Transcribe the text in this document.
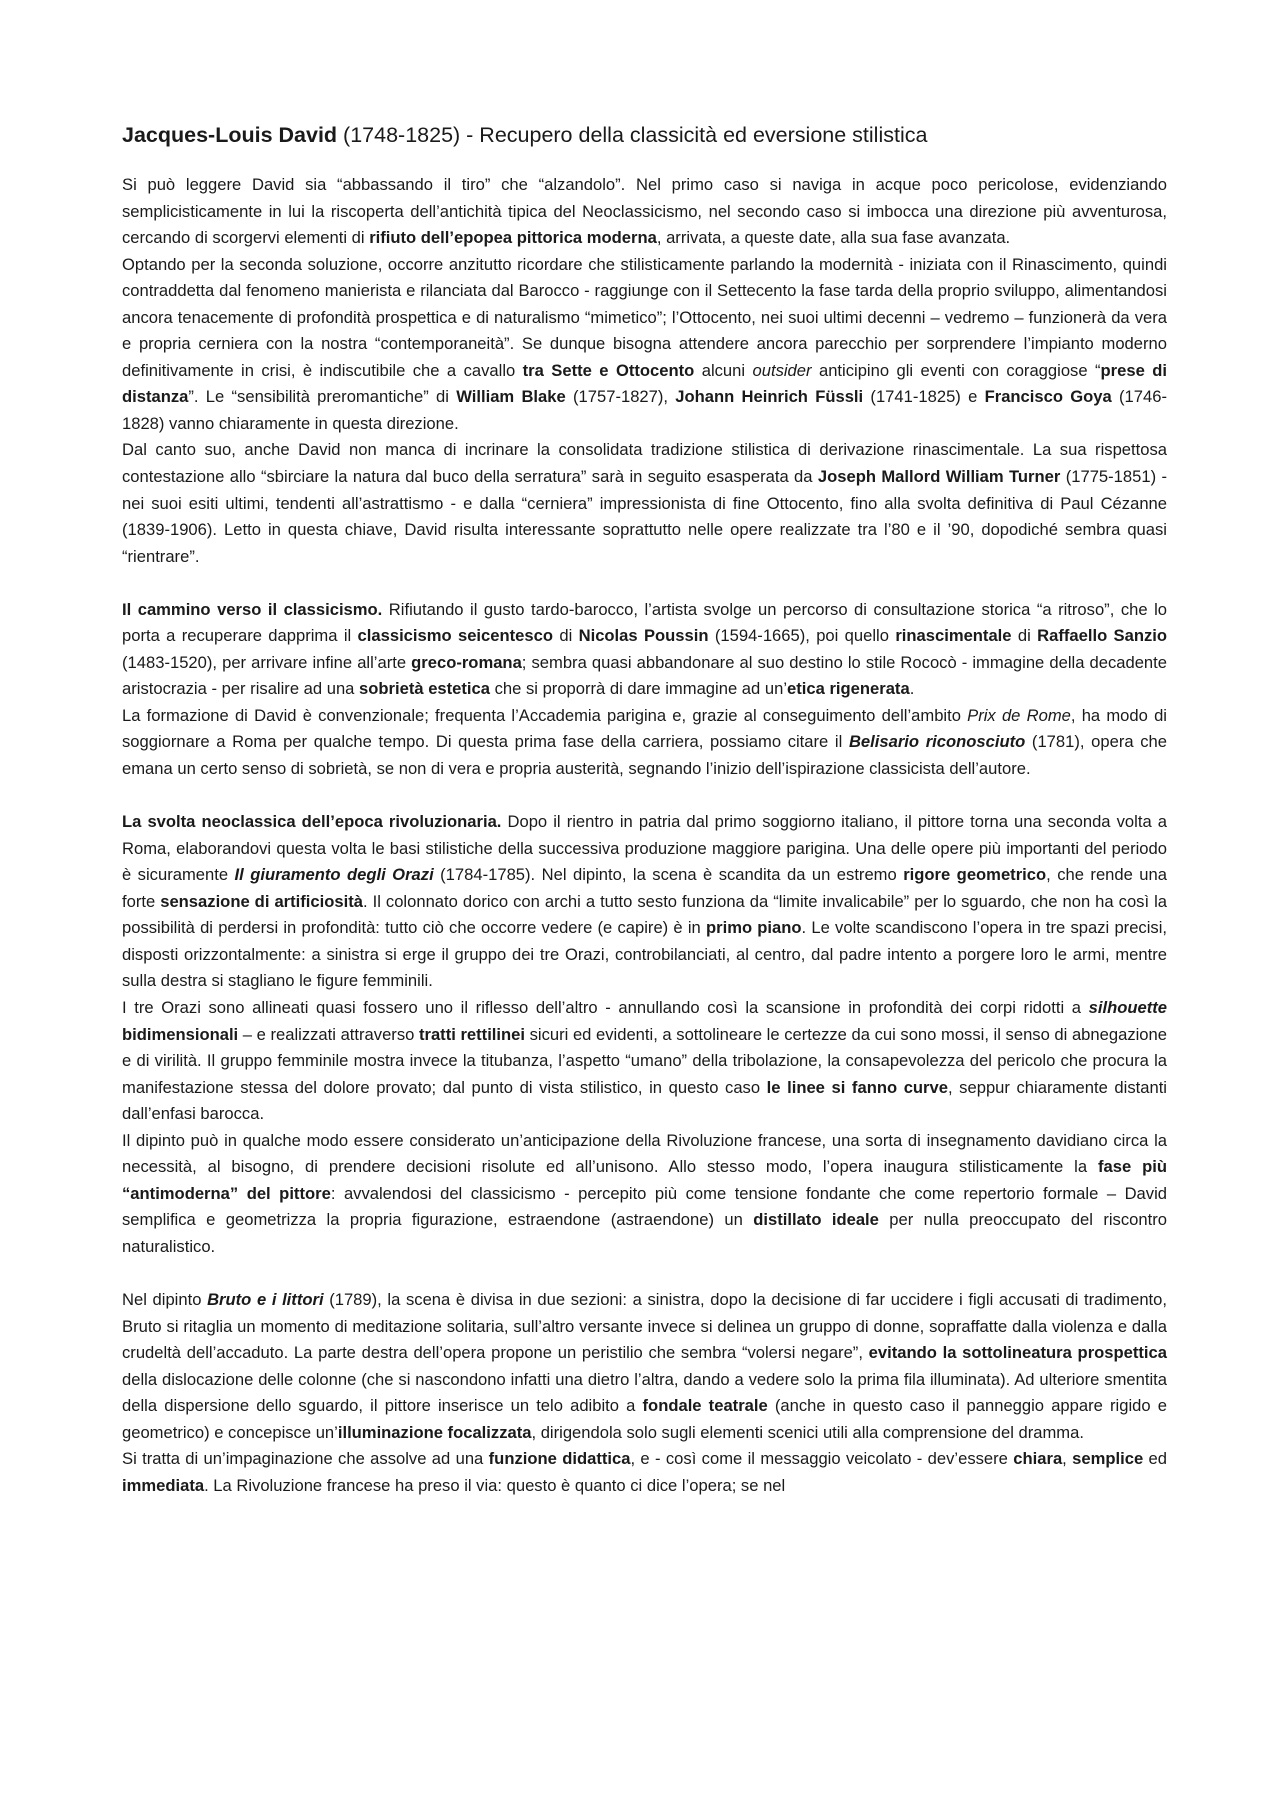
Jacques-Louis David (1748-1825) - Recupero della classicità ed eversione stilistica

Si può leggere David sia “abbassando il tiro” che “alzandolo”. Nel primo caso si naviga in acque poco pericolose, evidenziando semplicisticamente in lui la riscoperta dell’antichità tipica del Neoclassicismo, nel secondo caso si imbocca una direzione più avventurosa, cercando di scorgervi elementi di rifiuto dell’epopea pittorica moderna, arrivata, a queste date, alla sua fase avanzata.

Optando per la seconda soluzione, occorre anzitutto ricordare che stilisticamente parlando la modernità - iniziata con il Rinascimento, quindi contraddetta dal fenomeno manierista e rilanciata dal Barocco - raggiunge con il Settecento la fase tarda della proprio sviluppo, alimentandosi ancora tenacemente di profondità prospettica e di naturalismo “mimetico”; l’Ottocento, nei suoi ultimi decenni – vedremo – funzionerà da vera e propria cerniera con la nostra “contemporaneità”. Se dunque bisogna attendere ancora parecchio per sorprendere l’impianto moderno definitivamente in crisi, è indiscutibile che a cavallo tra Sette e Ottocento alcuni outsider anticipino gli eventi con coraggiose “prese di distanza”. Le “sensibilità preromantiche” di William Blake (1757-1827), Johann Heinrich Füssli (1741-1825) e Francisco Goya (1746-1828) vanno chiaramente in questa direzione.

Dal canto suo, anche David non manca di incrinare la consolidata tradizione stilistica di derivazione rinascimentale. La sua rispettosa contestazione allo “sbirciare la natura dal buco della serratura” sarà in seguito esasperata da Joseph Mallord William Turner (1775-1851) - nei suoi esiti ultimi, tendenti all’astrattismo - e dalla “cerniera” impressionista di fine Ottocento, fino alla svolta definitiva di Paul Cézanne (1839-1906). Letto in questa chiave, David risulta interessante soprattutto nelle opere realizzate tra l’80 e il ’90, dopodiché sembra quasi “rientrare”.

Il cammino verso il classicismo. Rifiutando il gusto tardo-barocco, l’artista svolge un percorso di consultazione storica “a ritroso”, che lo porta a recuperare dapprima il classicismo seicentesco di Nicolas Poussin (1594-1665), poi quello rinascimentale di Raffaello Sanzio (1483-1520), per arrivare infine all’arte greco-romana; sembra quasi abbandonare al suo destino lo stile Rococò - immagine della decadente aristocrazia - per risalire ad una sobrietà estetica che si proporrà di dare immagine ad un’etica rigenerata.

La formazione di David è convenzionale; frequenta l’Accademia parigina e, grazie al conseguimento dell’ambito Prix de Rome, ha modo di soggiornare a Roma per qualche tempo. Di questa prima fase della carriera, possiamo citare il Belisario riconosciuto (1781), opera che emana un certo senso di sobrietà, se non di vera e propria austerità, segnando l’inizio dell’ispirazione classicista dell’autore.

La svolta neoclassica dell’epoca rivoluzionaria. Dopo il rientro in patria dal primo soggiorno italiano, il pittore torna una seconda volta a Roma, elaborandovi questa volta le basi stilistiche della successiva produzione maggiore parigina. Una delle opere più importanti del periodo è sicuramente Il giuramento degli Orazi (1784-1785). Nel dipinto, la scena è scandita da un estremo rigore geometrico, che rende una forte sensazione di artificiosità. Il colonnato dorico con archi a tutto sesto funziona da “limite invalicabile” per lo sguardo, che non ha così la possibilità di perdersi in profondità: tutto ciò che occorre vedere (e capire) è in primo piano. Le volte scandiscono l’opera in tre spazi precisi, disposti orizzontalmente: a sinistra si erge il gruppo dei tre Orazi, controbilanciati, al centro, dal padre intento a porgere loro le armi, mentre sulla destra si stagliano le figure femminili.

I tre Orazi sono allineati quasi fossero uno il riflesso dell’altro - annullando così la scansione in profondità dei corpi ridotti a silhouette bidimensionali – e realizzati attraverso tratti rettilinei sicuri ed evidenti, a sottolineare le certezze da cui sono mossi, il senso di abnegazione e di virilità. Il gruppo femminile mostra invece la titubanza, l’aspetto “umano” della tribolazione, la consapevolezza del pericolo che procura la manifestazione stessa del dolore provato; dal punto di vista stilistico, in questo caso le linee si fanno curve, seppur chiaramente distanti dall’enfasi barocca.

Il dipinto può in qualche modo essere considerato un’anticipazione della Rivoluzione francese, una sorta di insegnamento davidiano circa la necessità, al bisogno, di prendere decisioni risolute ed all’unisono. Allo stesso modo, l’opera inaugura stilisticamente la fase più “antimoderna” del pittore: avvalendosi del classicismo - percepito più come tensione fondante che come repertorio formale – David semplifica e geometrizza la propria figurazione, estraendone (astraendone) un distillato ideale per nulla preoccupato del riscontro naturalistico.

Nel dipinto Bruto e i littori (1789), la scena è divisa in due sezioni: a sinistra, dopo la decisione di far uccidere i figli accusati di tradimento, Bruto si ritaglia un momento di meditazione solitaria, sull’altro versante invece si delinea un gruppo di donne, sopraffatte dalla violenza e dalla crudeltà dell’accaduto. La parte destra dell’opera propone un peristilio che sembra “volersi negare”, evitando la sottolineatura prospettica della dislocazione delle colonne (che si nascondono infatti una dietro l’altra, dando a vedere solo la prima fila illuminata). Ad ulteriore smentita della dispersione dello sguardo, il pittore inserisce un telo adibito a fondale teatrale (anche in questo caso il panneggio appare rigido e geometrico) e concepisce un’illuminazione focalizzata, dirigendola solo sugli elementi scenici utili alla comprensione del dramma.

Si tratta di un’impaginazione che assolve ad una funzione didattica, e - così come il messaggio veicolato - dev’essere chiara, semplice ed immediata. La Rivoluzione francese ha preso il via: questo è quanto ci dice l’opera; se nel
